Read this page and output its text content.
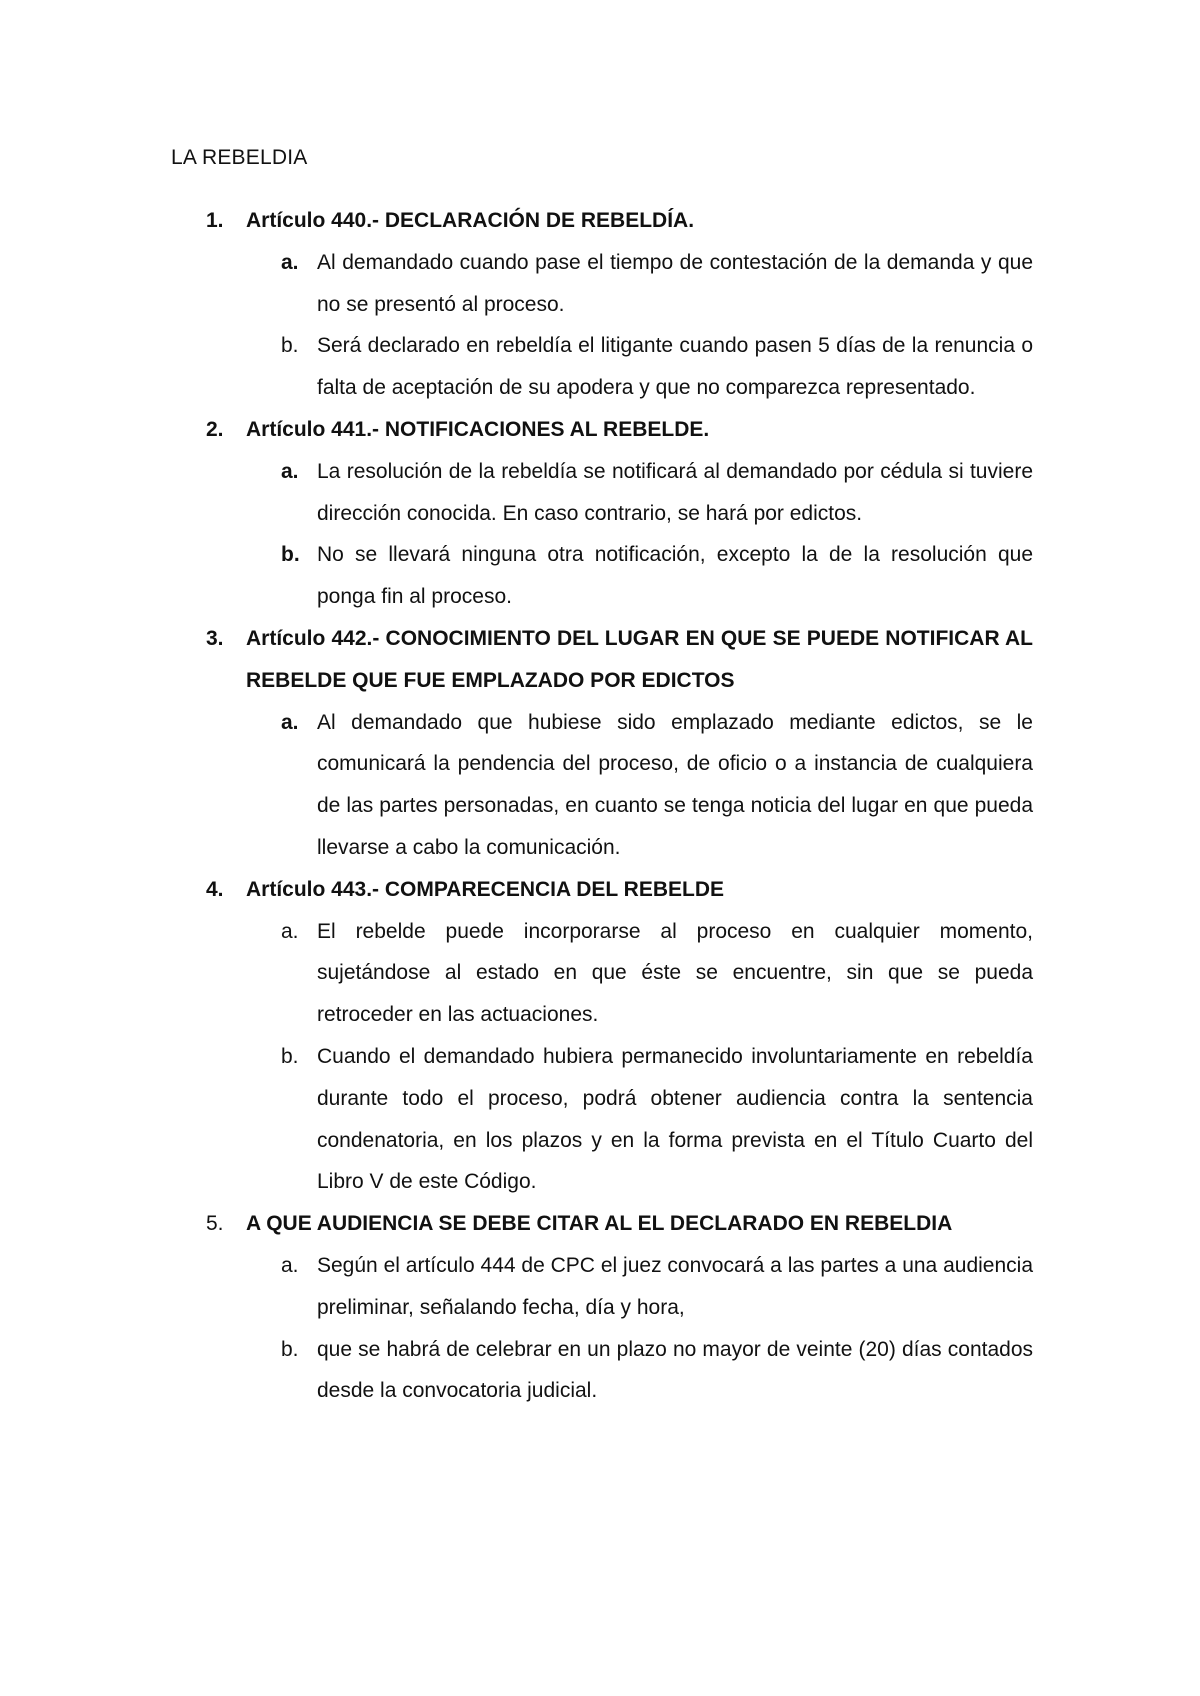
LA REBELDIA
1. Artículo 440.- DECLARACIÓN DE REBELDÍA.
a. Al demandado cuando pase el tiempo de contestación de la demanda y que no se presentó al proceso.
b. Será declarado en rebeldía el litigante cuando pasen 5 días de la renuncia o falta de aceptación de su apodera y que no comparezca representado.
2. Artículo 441.- NOTIFICACIONES AL REBELDE.
a. La resolución de la rebeldía se notificará al demandado por cédula si tuviere dirección conocida. En caso contrario, se hará por edictos.
b. No se llevará ninguna otra notificación, excepto la de la resolución que ponga fin al proceso.
3. Artículo 442.- CONOCIMIENTO DEL LUGAR EN QUE SE PUEDE NOTIFICAR AL REBELDE QUE FUE EMPLAZADO POR EDICTOS
a. Al demandado que hubiese sido emplazado mediante edictos, se le comunicará la pendencia del proceso, de oficio o a instancia de cualquiera de las partes personadas, en cuanto se tenga noticia del lugar en que pueda llevarse a cabo la comunicación.
4. Artículo 443.- COMPARECENCIA DEL REBELDE
a. El rebelde puede incorporarse al proceso en cualquier momento, sujetándose al estado en que éste se encuentre, sin que se pueda retroceder en las actuaciones.
b. Cuando el demandado hubiera permanecido involuntariamente en rebeldía durante todo el proceso, podrá obtener audiencia contra la sentencia condenatoria, en los plazos y en la forma prevista en el Título Cuarto del Libro V de este Código.
5. A QUE AUDIENCIA SE DEBE CITAR AL EL DECLARADO EN REBELDIA
a. Según el artículo 444 de CPC el juez convocará a las partes a una audiencia preliminar, señalando fecha, día y hora,
b. que se habrá de celebrar en un plazo no mayor de veinte (20) días contados desde la convocatoria judicial.
